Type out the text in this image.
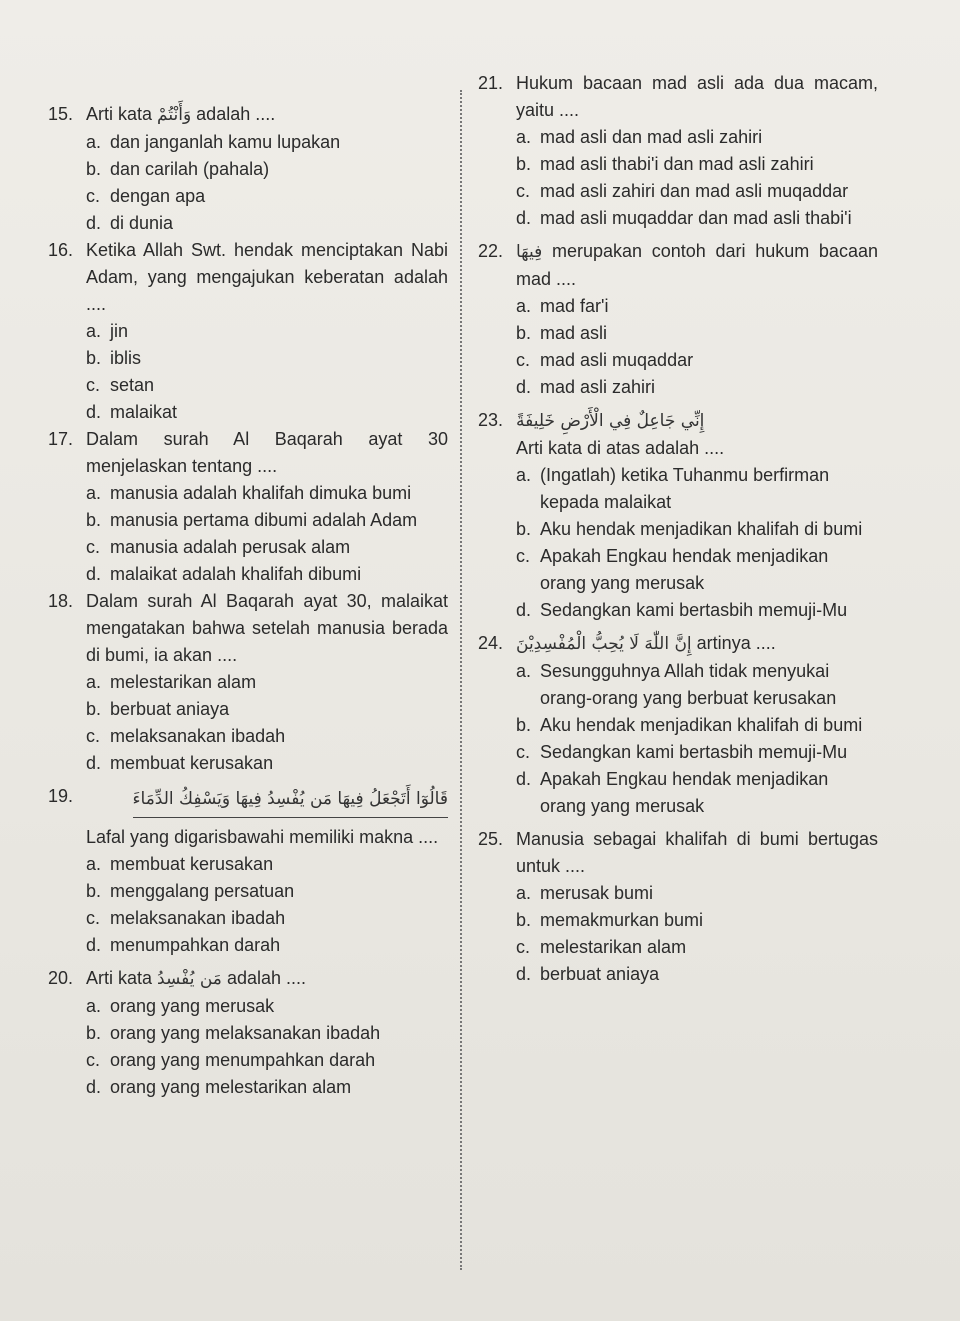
15. Arti kata وَأَنْتُمْ adalah ....
a. dan janganlah kamu lupakan
b. dan carilah (pahala)
c. dengan apa
d. di dunia
16. Ketika Allah Swt. hendak menciptakan Nabi Adam, yang mengajukan keberatan adalah ....
a. jin
b. iblis
c. setan
d. malaikat
17. Dalam surah Al Baqarah ayat 30 menjelaskan tentang ....
a. manusia adalah khalifah dimuka bumi
b. manusia pertama dibumi adalah Adam
c. manusia adalah perusak alam
d. malaikat adalah khalifah dibumi
18. Dalam surah Al Baqarah ayat 30, malaikat mengatakan bahwa setelah manusia berada di bumi, ia akan ....
a. melestarikan alam
b. berbuat aniaya
c. melaksanakan ibadah
d. membuat kerusakan
19.	قَالُوٓا أَتَجْعَلُ فِيهَا مَن يُفْسِدُ فِيهَا وَيَسْفِكُ الدِّمَاءَ
Lafal yang digarisbawahi memiliki makna ....
a. membuat kerusakan
b. menggalang persatuan
c. melaksanakan ibadah
d. menumpahkan darah
20. Arti kata مَن يُفْسِدُ adalah ....
a. orang yang merusak
b. orang yang melaksanakan ibadah
c. orang yang menumpahkan darah
d. orang yang melestarikan alam
21. Hukum bacaan mad asli ada dua macam, yaitu ....
a. mad asli dan mad asli zahiri
b. mad asli thabi'i dan mad asli zahiri
c. mad asli zahiri dan mad asli muqaddar
d. mad asli muqaddar dan mad asli thabi'i
22. فِيهَا merupakan contoh dari hukum bacaan mad ....
a. mad far'i
b. mad asli
c. mad asli muqaddar
d. mad asli zahiri
23. إِنِّي جَاعِلٌ فِي الْأَرْضِ خَلِيفَةً
Arti kata di atas adalah ....
a. (Ingatlah) ketika Tuhanmu berfirman kepada malaikat
b. Aku hendak menjadikan khalifah di bumi
c. Apakah Engkau hendak menjadikan orang yang merusak
d. Sedangkan kami bertasbih memuji-Mu
24. إِنَّ اللّٰهَ لَا يُحِبُّ الْمُفْسِدِيْنَ artinya ....
a. Sesungguhnya Allah tidak menyukai orang-orang yang berbuat kerusakan
b. Aku hendak menjadikan khalifah di bumi
c. Sedangkan kami bertasbih memuji-Mu
d. Apakah Engkau hendak menjadikan orang yang merusak
25. Manusia sebagai khalifah di bumi bertugas untuk ....
a. merusak bumi
b. memakmurkan bumi
c. melestarikan alam
d. berbuat aniaya
